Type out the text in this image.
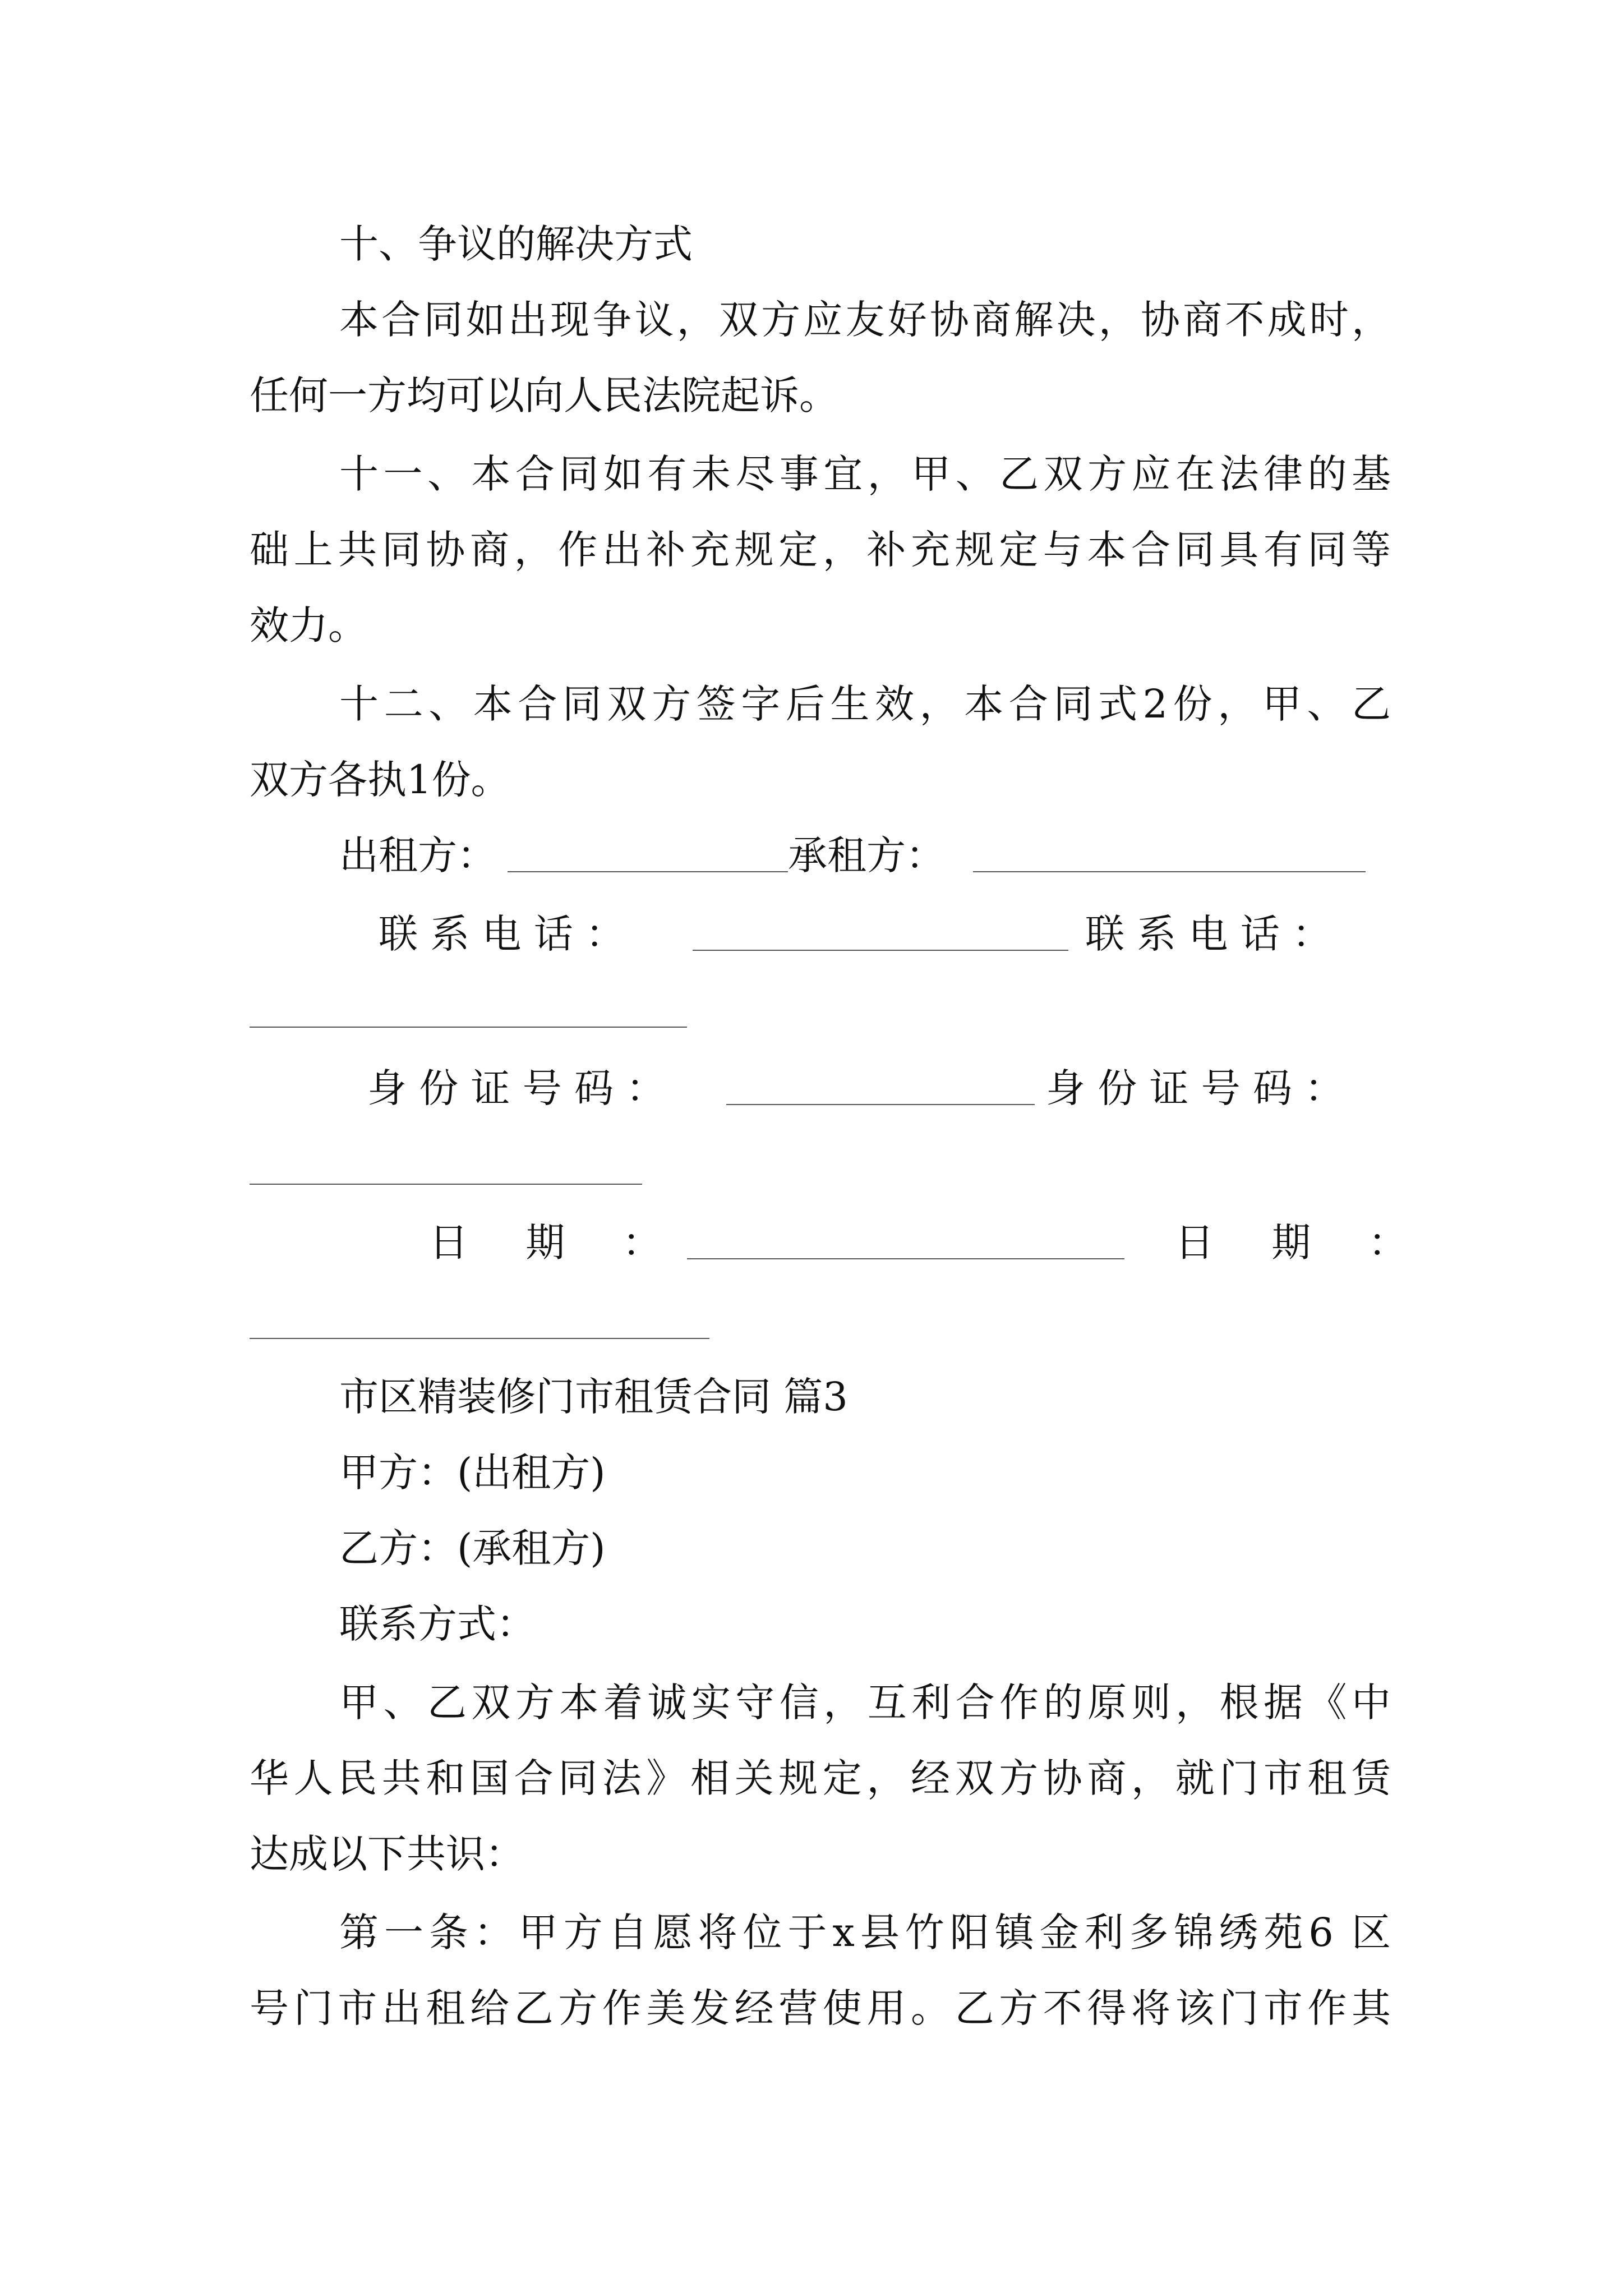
十、争议的解决方式
本合同如出现争议，双方应友好协商解决，协商不成时，
任何一方均可以向人民法院起诉。
十一、本合同如有未尽事宜，甲、乙双方应在法律的基
础上共同协商，作出补充规定，补充规定与本合同具有同等
效力。
十二、本合同双方签字后生效，本合同式2份，甲、乙
双方各执1份。
出租方：	承租方：
联 系 电 话 ：	联 系 电 话 ：
身 份 证 号 码 ：	身 份 证 号 码 ：
日 期 ：	日 期 ：
市区精装修门市租赁合同 篇3
甲方：(出租方)
乙方：(承租方)
联系方式：
甲、乙双方本着诚实守信，互利合作的原则，根据《中
华人民共和国合同法》相关规定，经双方协商，就门市租赁
达成以下共识：
第一条：甲方自愿将位于x县竹阳镇金利多锦绣苑6 区
号门市出租给乙方作美发经营使用。乙方不得将该门市作其
